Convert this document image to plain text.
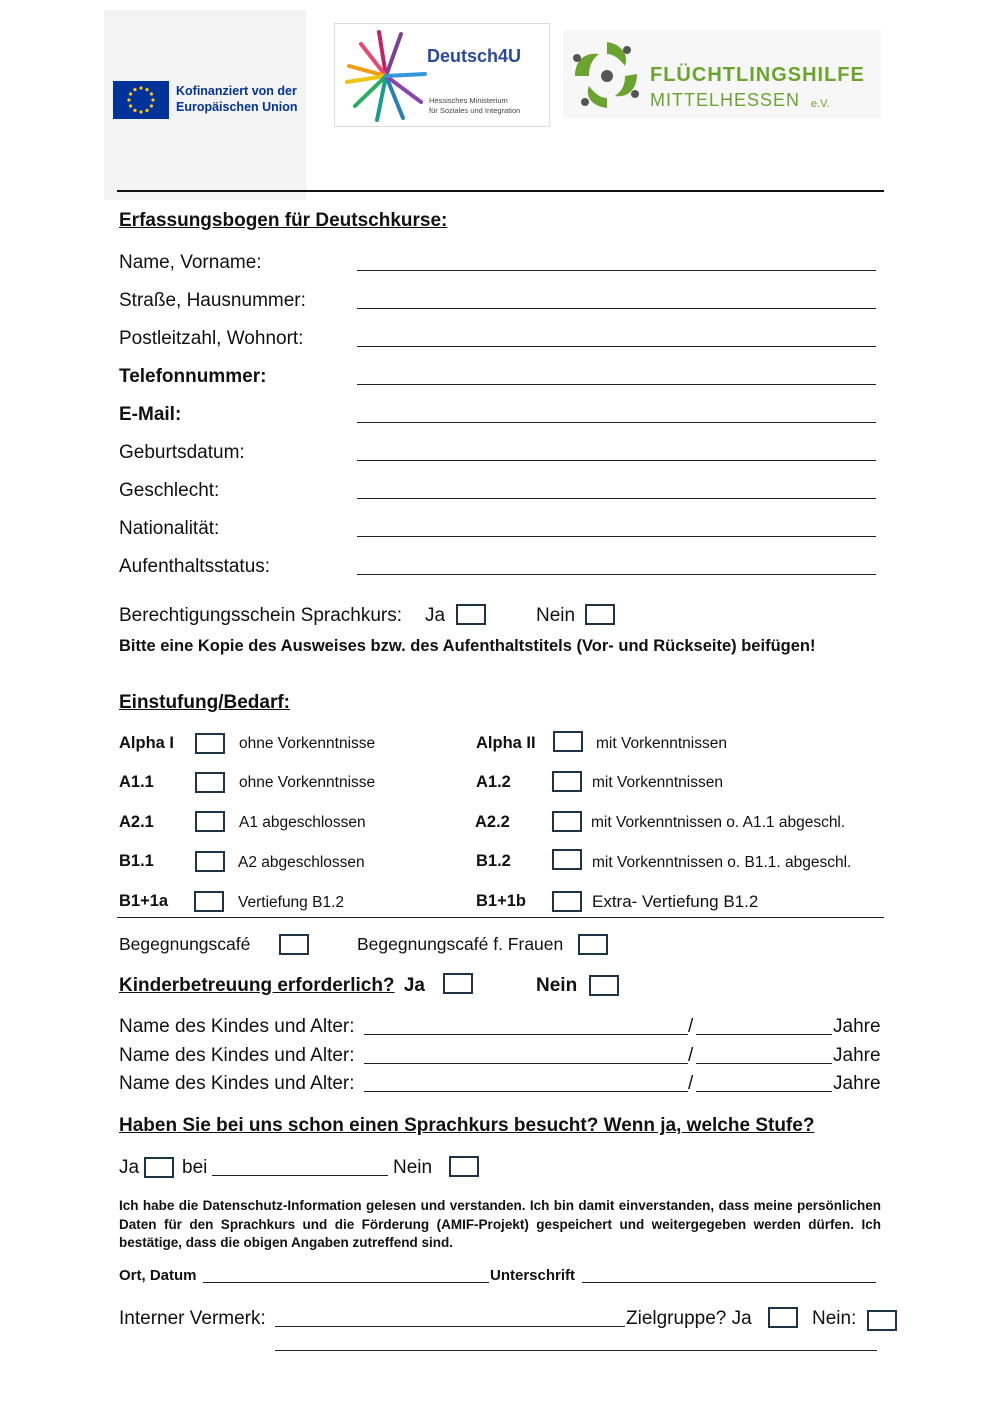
Kofinanziert von der
Europäischen Union
Deutsch4U
Hessisches Ministerium
für Soziales und Integration
FLÜCHTLINGSHILFE
MITTELHESSEN e.V.
Erfassungsbogen für Deutschkurse:
Name, Vorname:
Straße, Hausnummer:
Postleitzahl, Wohnort:
Telefonnummer:
E-Mail:
Geburtsdatum:
Geschlecht:
Nationalität:
Aufenthaltsstatus:
Berechtigungsschein Sprachkurs: Ja	Nein
Bitte eine Kopie des Ausweises bzw. des Aufenthaltstitels (Vor- und Rückseite) beifügen!
Einstufung/Bedarf:
Alpha I	ohne Vorkenntnisse	Alpha II	mit Vorkenntnissen
A1.1	ohne Vorkenntnisse	A1.2	mit Vorkenntnissen
A2.1	A1 abgeschlossen	A2.2	mit Vorkenntnissen o. A1.1 abgeschl.
B1.1	A2 abgeschlossen	B1.2	mit Vorkenntnissen o. B1.1. abgeschl.
B1+1a	Vertiefung B1.2	B1+1b	Extra- Vertiefung B1.2
Begegnungscafé	Begegnungscafé f. Frauen
Kinderbetreuung erforderlich? Ja	Nein
Name des Kindes und Alter:	/	Jahre
Name des Kindes und Alter:	/	Jahre
Name des Kindes und Alter:	/	Jahre
Haben Sie bei uns schon einen Sprachkurs besucht? Wenn ja, welche Stufe?
Ja bei	Nein
Ich habe die Datenschutz-Information gelesen und verstanden. Ich bin damit einverstanden, dass meine persönlichen Daten für den Sprachkurs und die Förderung (AMIF-Projekt) gespeichert und weitergegeben werden dürfen. Ich bestätige, dass die obigen Angaben zutreffend sind.
Ort, Datum	Unterschrift
Interner Vermerk:	Zielgruppe? Ja	Nein:
